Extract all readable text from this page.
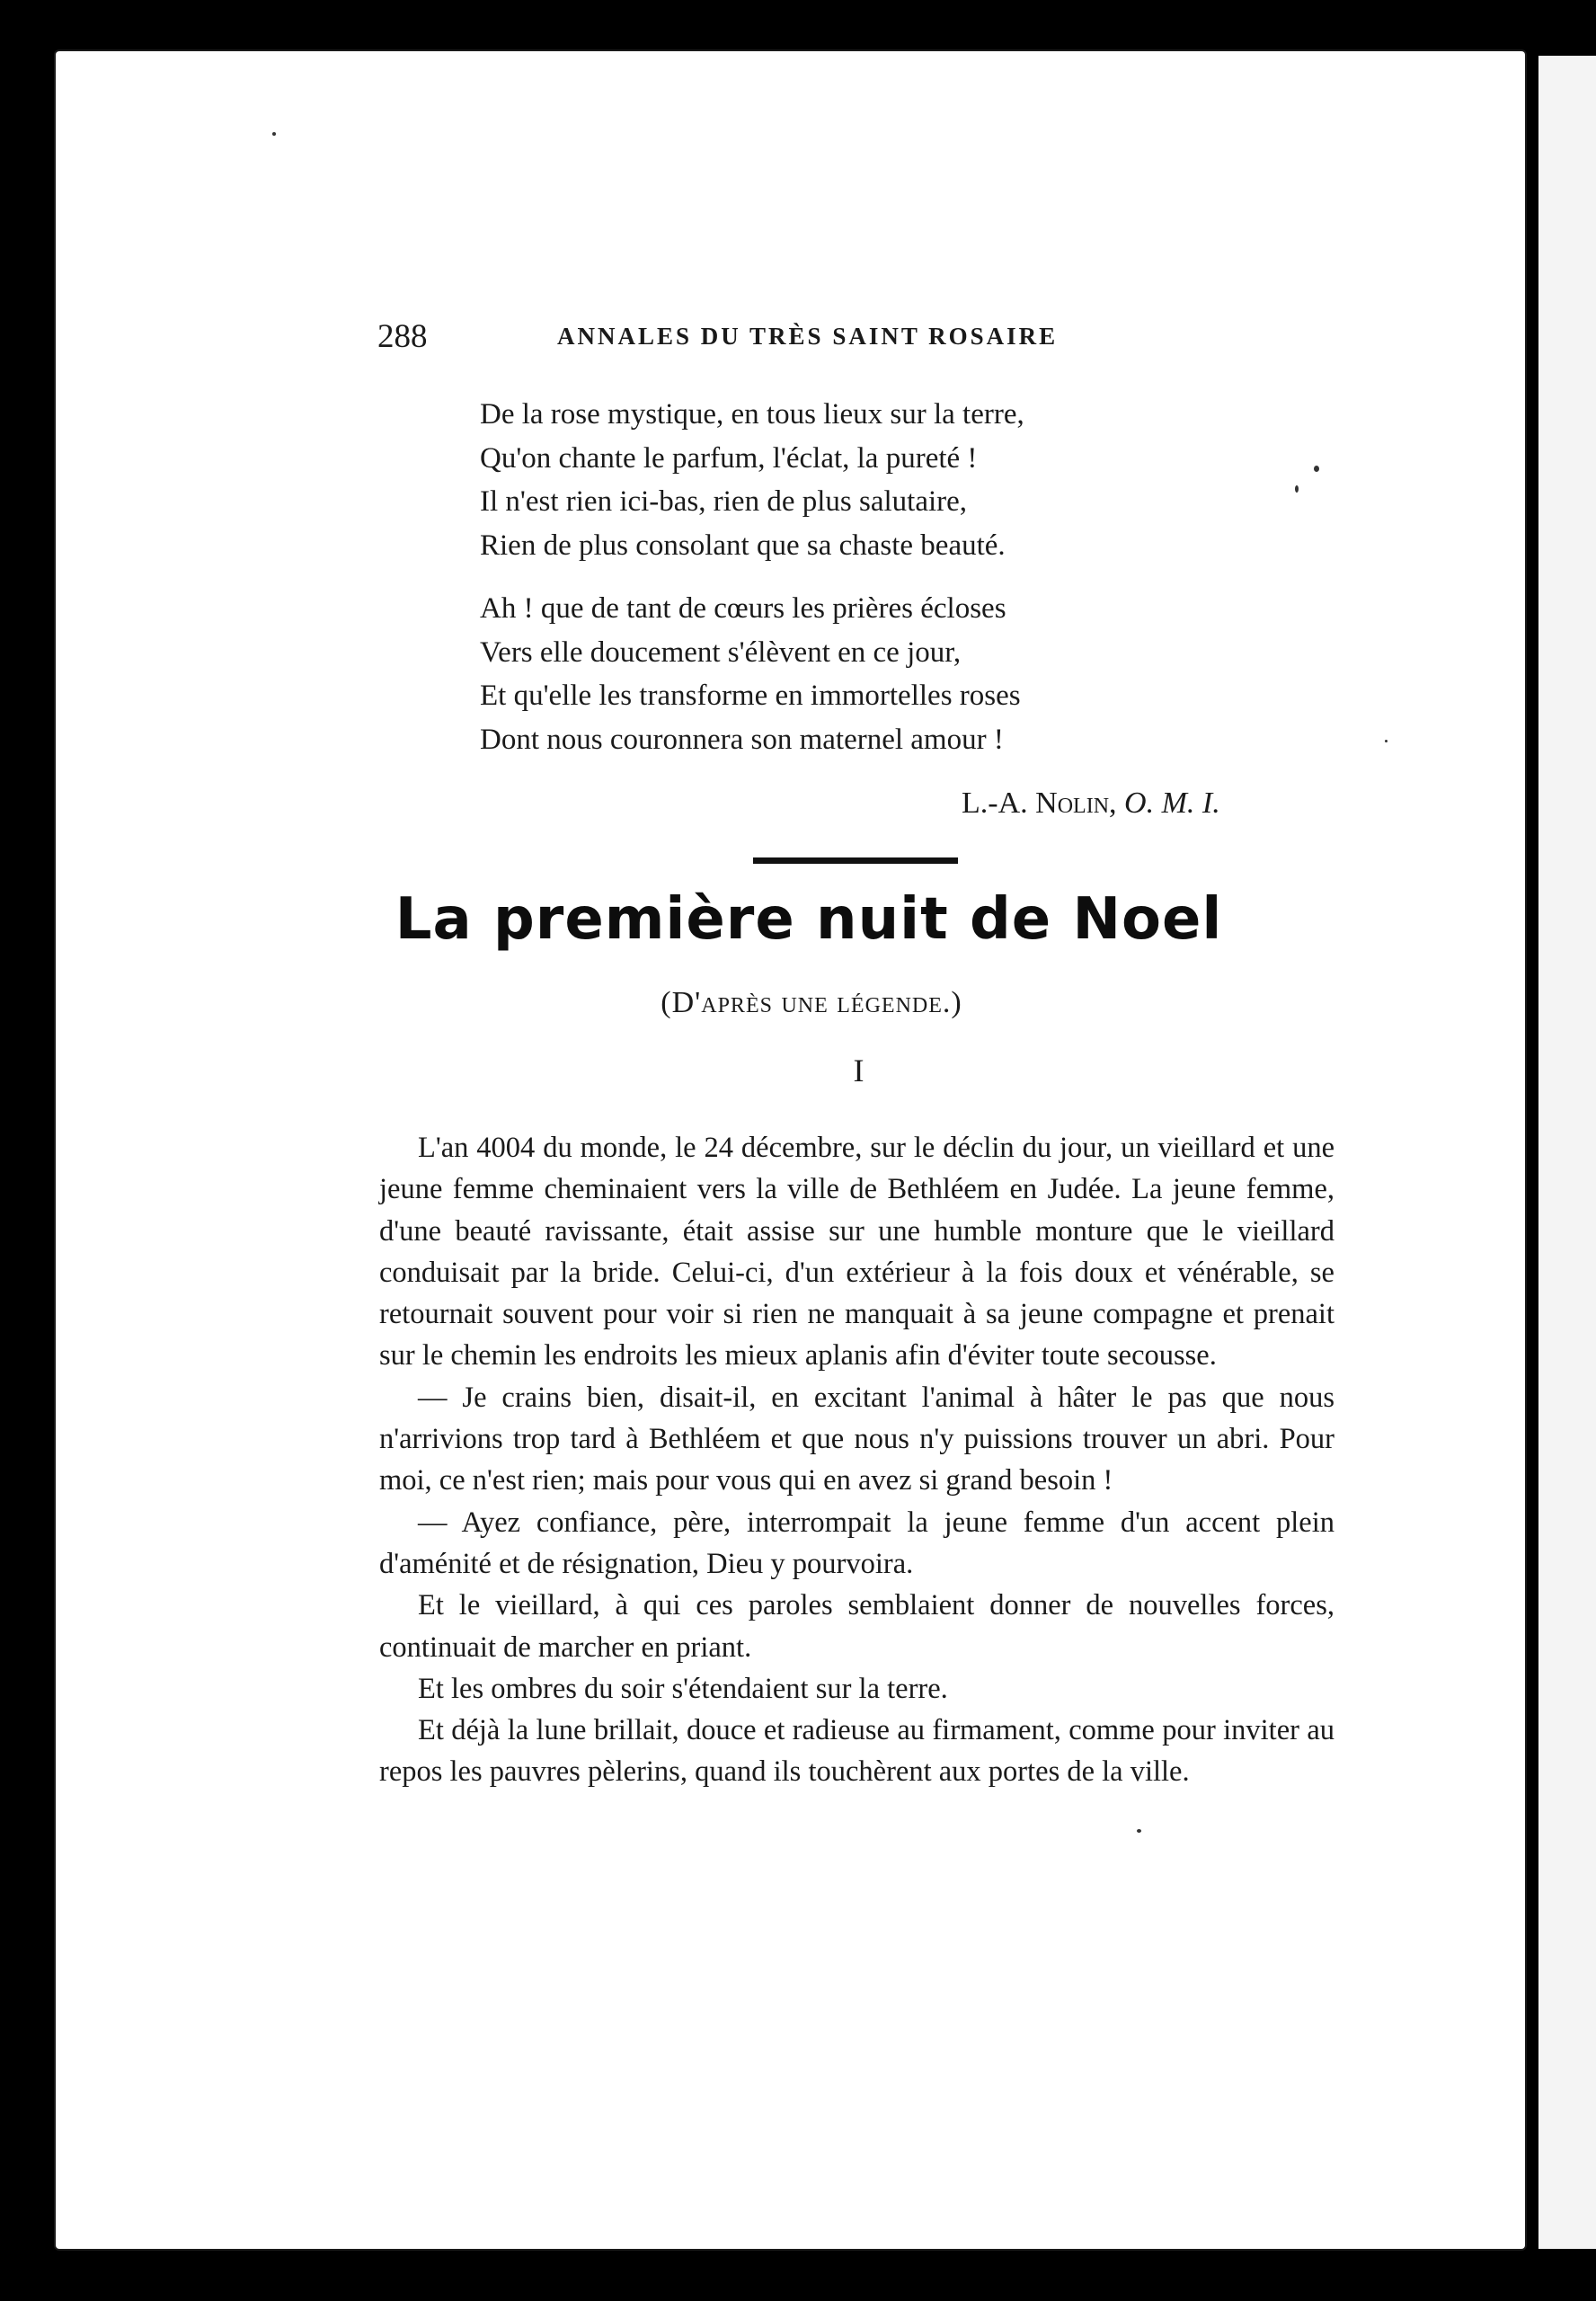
288	ANNALES DU TRÈS SAINT ROSAIRE
De la rose mystique, en tous lieux sur la terre,
Qu'on chante le parfum, l'éclat, la pureté !
Il n'est rien ici-bas, rien de plus salutaire,
Rien de plus consolant que sa chaste beauté.
Ah ! que de tant de cœurs les prières écloses
Vers elle doucement s'élèvent en ce jour,
Et qu'elle les transforme en immortelles roses
Dont nous couronnera son maternel amour !
L.-A. Nolin, O. M. I.
La première nuit de Noel
(D'après une légende.)
I

L'an 4004 du monde, le 24 décembre, sur le déclin du jour, un vieillard et une jeune femme cheminaient vers la ville de Bethléem en Judée. La jeune femme, d'une beauté ravissante, était assise sur une humble monture que le vieillard conduisait par la bride. Celui-ci, d'un extérieur à la fois doux et vénérable, se retournait souvent pour voir si rien ne manquait à sa jeune compagne et prenait sur le chemin les endroits les mieux aplanis afin d'éviter toute secousse.

— Je crains bien, disait-il, en excitant l'animal à hâter le pas que nous n'arrivions trop tard à Bethléem et que nous n'y puissions trouver un abri. Pour moi, ce n'est rien; mais pour vous qui en avez si grand besoin !

— Ayez confiance, père, interrompait la jeune femme d'un accent plein d'aménité et de résignation, Dieu y pourvoira.

Et le vieillard, à qui ces paroles semblaient donner de nouvelles forces, continuait de marcher en priant.

Et les ombres du soir s'étendaient sur la terre.

Et déjà la lune brillait, douce et radieuse au firmament, comme pour inviter au repos les pauvres pèlerins, quand ils touchèrent aux portes de la ville.
